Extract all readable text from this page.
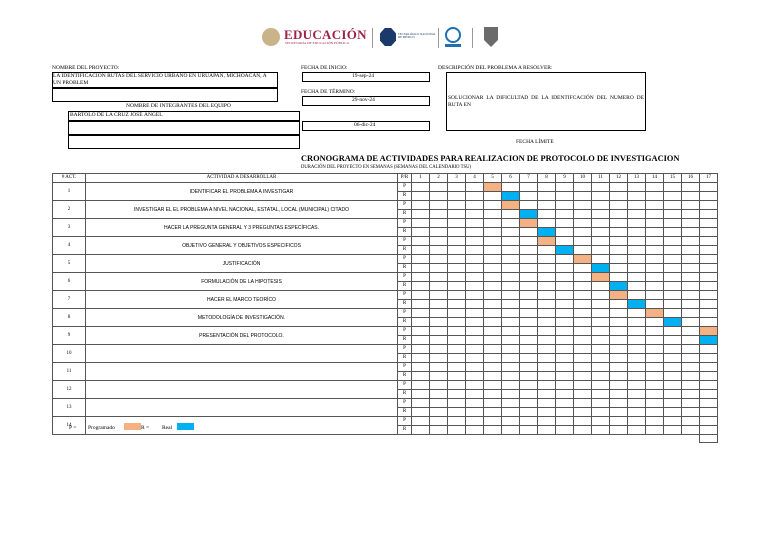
EDUCACIÓN
SECRETARÍA DE EDUCACIÓN PÚBLICA
TECNOLÓGICO NACIONAL DE MÉXICO
NOMBRE DEL PROYECTO:
LA IDENTIFICACION RUTAS DEL SERVICIO URBANO EN URUAPAN, MICHOACÁN, A
UN PROBLEM
NOMBRE DE INTEGRANTES DEL EQUIPO
BARTOLO DE LA CRUZ JOSÉ ÁNGEL
FECHA DE INICIO:
19-sep-24
FECHA DE TÉRMINO:
29-nov-24
06-dic-24
FECHA LÍMITE
DESCRIPCIÓN DEL PROBLEMA A RESOLVER:
SOLUCIONAR LA DIFICULTAD DE LA IDENTIFCACIÓN DEL NUMERO DE RUTA EN
CRONOGRAMA DE ACTIVIDADES PARA REALIZACION DE PROTOCOLO DE INVESTIGACION
DURACIÓN DEL PROYECTO EN SEMANAS (SEMANAS DEL CALENDARIO TSU)
# ACT.	ACTIVIDAD A DESARROLLAR	P/R	1	2	3	4	5	6	7	8	9	10	11	12	13	14	15	16	17
1	IDENTIFICAR EL PROBLEMA A INVESTIGAR	P																	
		R																	
2	INVESTIGAR EL EL PROBLEMA A NIVEL NACIONAL, ESTATAL, LOCAL (MUNICIPAL) CITADO	P																	
		R																	
3	HACER LA PREGUNTA GENERAL Y 3 PREGUNTAS ESPECÍFICAS.	P																	
		R																	
4	OBJETIVO GENERAL Y OBJETIVOS ESPECIFICOS	P																	
		R																	
5	JUSTIFICACIÓN	P																	
		R																	
6	FORMULACIÓN DE LA HIPOTESIS	P																	
		R																	
7	HACER EL MARCO TEORÍCO	P																	
		R																	
8	METODOLOGÍA DE INVESTIGACIÓN.	P																	
		R																	
9	PRESENTACIÓN DEL PROTOCOLO.	P																	
		R																	
10		P																	
		R																	
11		P																	
		R																	
12		P																	
		R																	
13		P																	
		R																	
14		P																	
		R																	

P = Programado	R = Real
